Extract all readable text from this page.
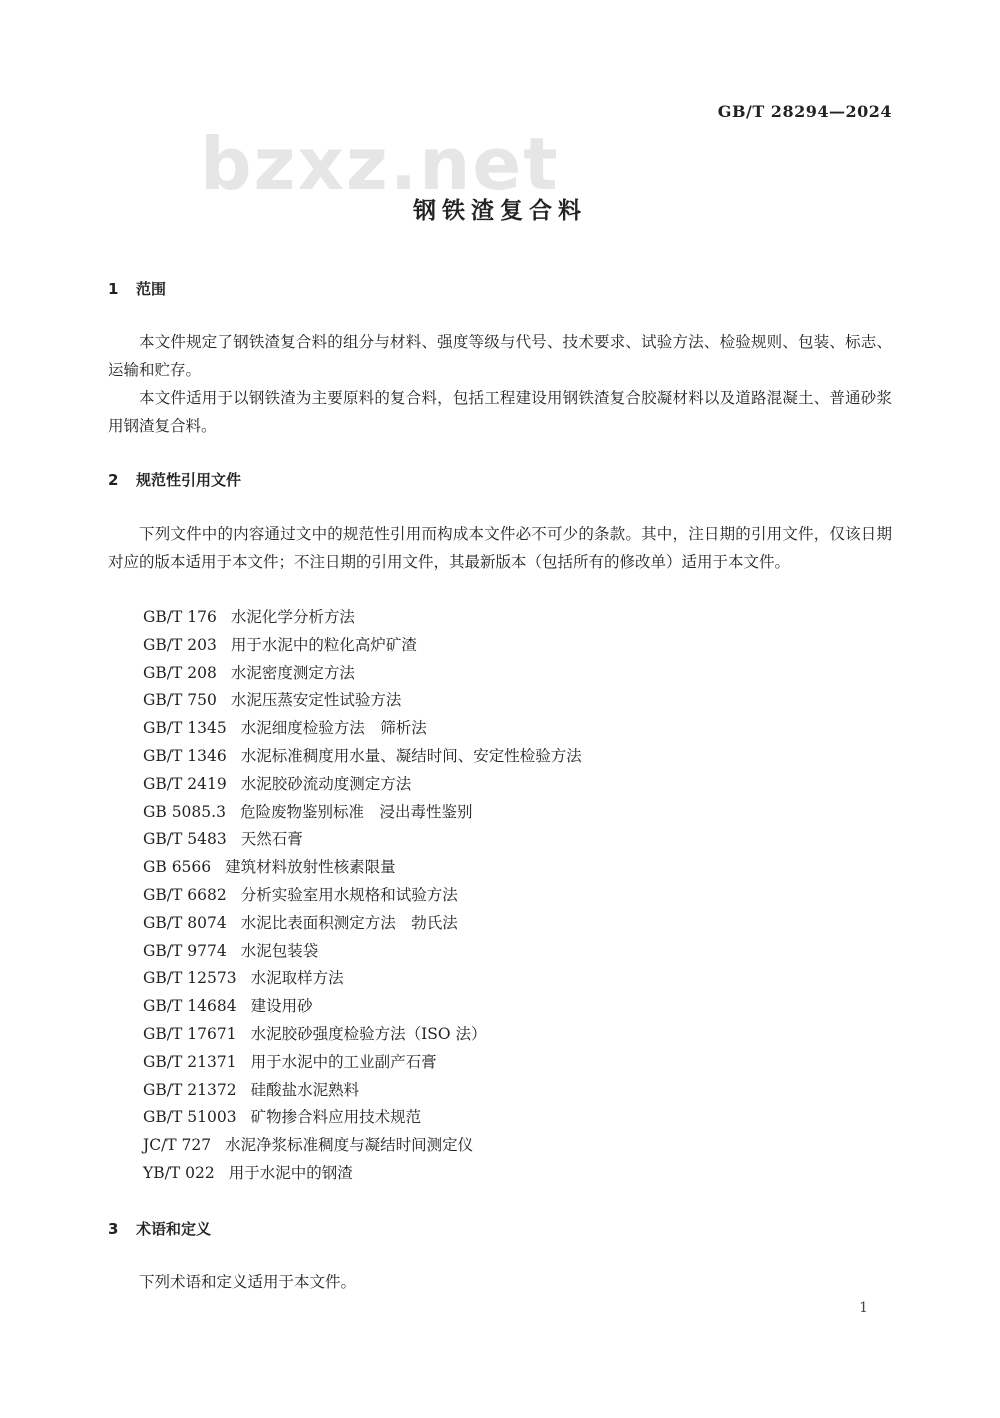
bzxz.net
GB/T 28294—2024
钢铁渣复合料
1 范围
本文件规定了钢铁渣复合料的组分与材料、强度等级与代号、技术要求、试验方法、检验规则、包装、标志、运输和贮存。
本文件适用于以钢铁渣为主要原料的复合料，包括工程建设用钢铁渣复合胶凝材料以及道路混凝土、普通砂浆用钢渣复合料。
2 规范性引用文件
下列文件中的内容通过文中的规范性引用而构成本文件必不可少的条款。其中，注日期的引用文件，仅该日期对应的版本适用于本文件；不注日期的引用文件，其最新版本（包括所有的修改单）适用于本文件。
GB/T 176 水泥化学分析方法
GB/T 203 用于水泥中的粒化高炉矿渣
GB/T 208 水泥密度测定方法
GB/T 750 水泥压蒸安定性试验方法
GB/T 1345 水泥细度检验方法　筛析法
GB/T 1346 水泥标准稠度用水量、凝结时间、安定性检验方法
GB/T 2419 水泥胶砂流动度测定方法
GB 5085.3 危险废物鉴别标准　浸出毒性鉴别
GB/T 5483 天然石膏
GB 6566 建筑材料放射性核素限量
GB/T 6682 分析实验室用水规格和试验方法
GB/T 8074 水泥比表面积测定方法　勃氏法
GB/T 9774 水泥包装袋
GB/T 12573 水泥取样方法
GB/T 14684 建设用砂
GB/T 17671 水泥胶砂强度检验方法（ISO 法）
GB/T 21371 用于水泥中的工业副产石膏
GB/T 21372 硅酸盐水泥熟料
GB/T 51003 矿物掺合料应用技术规范
JC/T 727 水泥净浆标准稠度与凝结时间测定仪
YB/T 022 用于水泥中的钢渣
3 术语和定义
下列术语和定义适用于本文件。
1
